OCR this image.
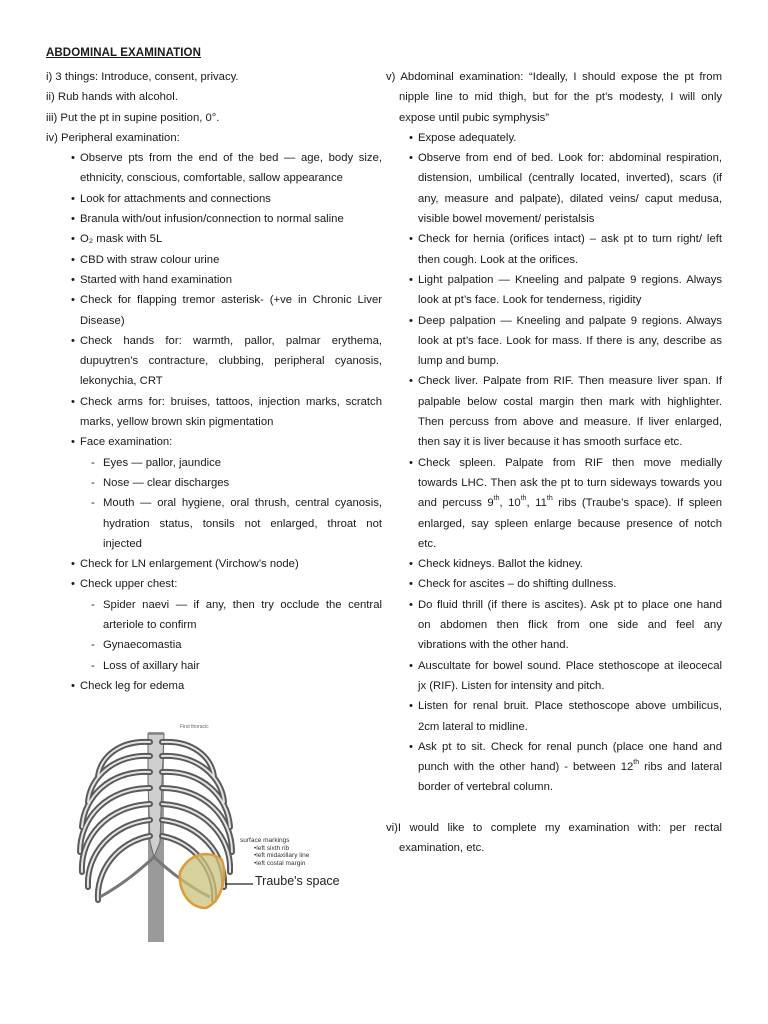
ABDOMINAL EXAMINATION
i) 3 things: Introduce, consent, privacy.
ii) Rub hands with alcohol.
iii) Put the pt in supine position, 0°.
iv) Peripheral examination:
• Observe pts from the end of the bed — age, body size,
ethnicity, conscious, comfortable, sallow appearance
• Look for attachments and connections
• Branula with/out infusion/connection to normal saline
• O₂ mask with 5L
• CBD with straw colour urine
• Started with hand examination
• Check for flapping tremor asterisk- (+ve in Chronic Liver
Disease)
• Check hands for: warmth, pallor, palmar erythema,
dupuytren’s contracture, clubbing, peripheral cyanosis,
lekonychia, CRT
• Check arms for: bruises, tattoos, injection marks, scratch
marks, yellow brown skin pigmentation
• Face examination:
- Eyes — pallor, jaundice
- Nose — clear discharges
- Mouth — oral hygiene, oral thrush, central cyanosis,
hydration status, tonsils not enlarged, throat not
injected
• Check for LN enlargement (Virchow’s node)
• Check upper chest:
- Spider naevi — if any, then try occlude the central
arteriole to confirm
- Gynaecomastia
- Loss of axillary hair
• Check leg for edema
v) Abdominal examination: “Ideally, I should expose the pt from
nipple line to mid thigh, but for the pt’s modesty, I will only
expose until pubic symphysis”
• Expose adequately.
• Observe from end of bed. Look for: abdominal respiration,
distension, umbilical (centrally located, inverted), scars (if
any, measure and palpate), dilated veins/ caput medusa,
visible bowel movement/ peristalsis
• Check for hernia (orifices intact) – ask pt to turn right/ left
then cough. Look at the orifices.
• Light palpation — Kneeling and palpate 9 regions. Always
look at pt’s face. Look for tenderness, rigidity
• Deep palpation — Kneeling and palpate 9 regions. Always
look at pt’s face. Look for mass. If there is any, describe as
lump and bump.
• Check liver. Palpate from RIF. Then measure liver span. If
palpable below costal margin then mark with highlighter.
Then percuss from above and measure. If liver enlarged,
then say it is liver because it has smooth surface etc.
• Check spleen. Palpate from RIF then move medially
towards LHC. Then ask the pt to turn sideways towards you
and percuss 9th, 10th, 11th ribs (Traube’s space). If spleen
enlarged, say spleen enlarge because presence of notch
etc.
• Check kidneys. Ballot the kidney.
• Check for ascites – do shifting dullness.
• Do fluid thrill (if there is ascites). Ask pt to place one hand
on abdomen then flick from one side and feel any
vibrations with the other hand.
• Auscultate for bowel sound. Place stethoscope at ileocecal
jx (RIF). Listen for intensity and pitch.
• Listen for renal bruit. Place stethoscope above umbilicus,
2cm lateral to midline.
• Ask pt to sit. Check for renal punch (place one hand and
punch with the other hand) - between 12th ribs and lateral
border of vertebral column.

vi)I would like to complete my examination with: per rectal
examination, etc.
First thoracic
surface markings
•left sixth rib
•left midaxillary line
•left costal margin
Traube's space
